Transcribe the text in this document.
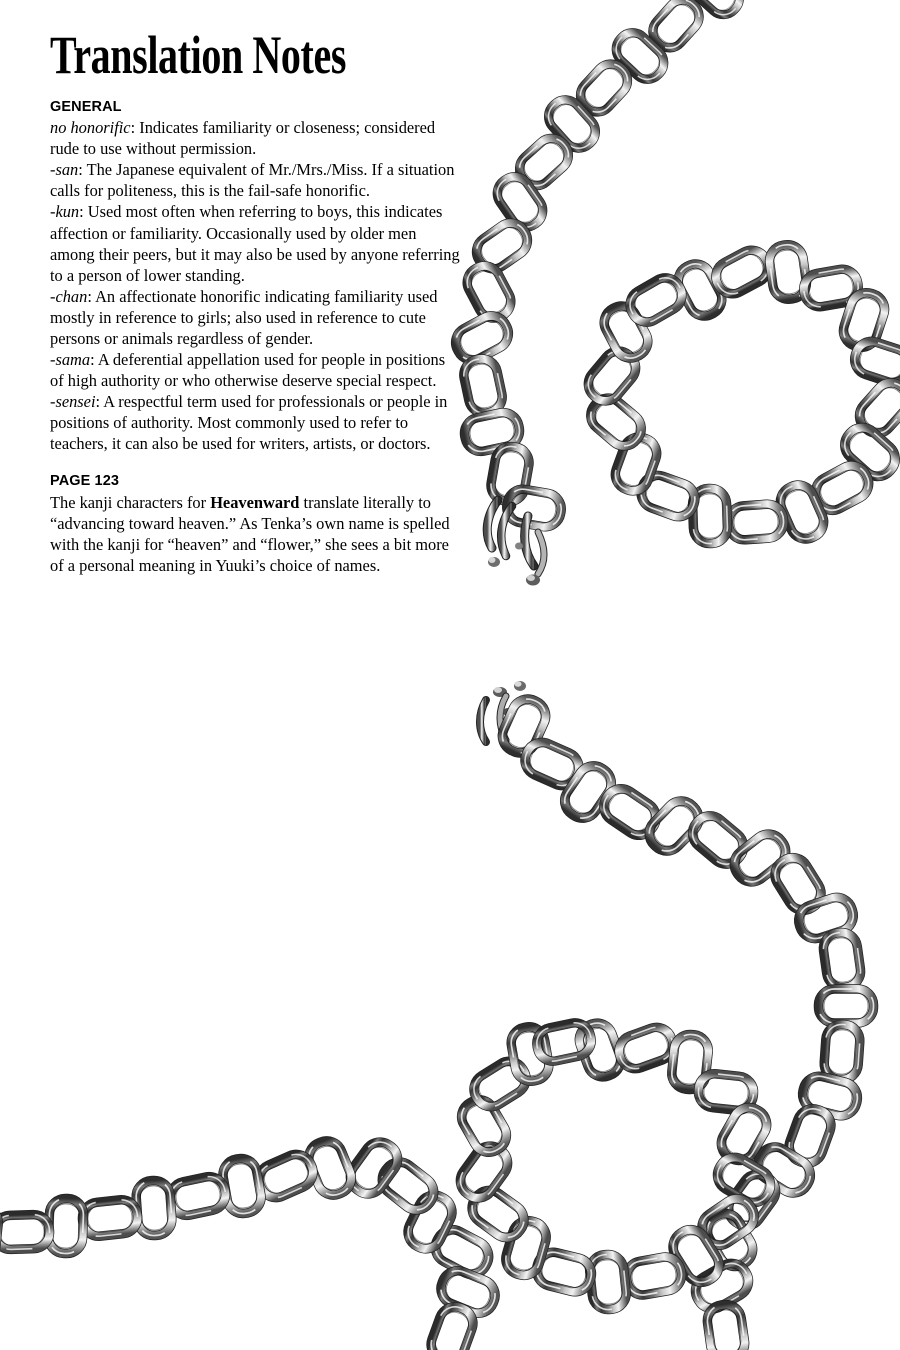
Translation Notes
GENERAL

no honorific: Indicates familiarity or closeness; considered rude to use without permission.

-san: The Japanese equivalent of Mr./Mrs./Miss. If a situation calls for politeness, this is the fail-safe honorific.

-kun: Used most often when referring to boys, this indicates affection or familiarity. Occasionally used by older men among their peers, but it may also be used by anyone referring to a person of lower standing.

-chan: An affectionate honorific indicating familiarity used mostly in reference to girls; also used in reference to cute persons or animals regardless of gender.

-sama: A deferential appellation used for people in positions of high authority or who otherwise deserve special respect.

-sensei: A respectful term used for professionals or people in positions of authority. Most commonly used to refer to teachers, it can also be used for writers, artists, or doctors.

PAGE 123

The kanji characters for Heavenward translate literally to “advancing toward heaven.” As Tenka’s own name is spelled with the kanji for “heaven” and “flower,” she sees a bit more of a personal meaning in Yuuki’s choice of names.
